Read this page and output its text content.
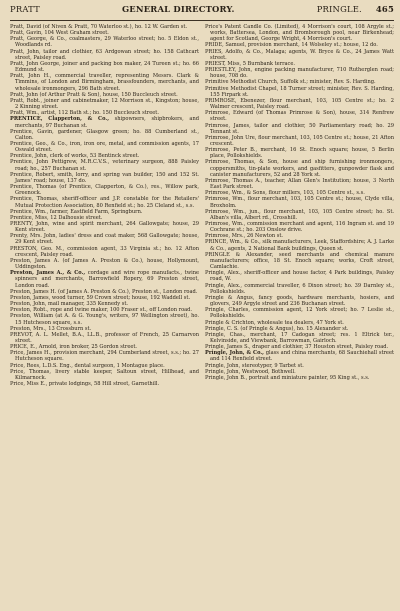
PRATT	GENERAL DIRECTORY.	PRINGLE. 465

Pratt, David (of Niven & Pratt, 70 Waterloo st.), ho. 12 W. Garden st.

Pratt, Gavin, 104 West Graham street.

Pratt, George, & Co., coalmasters, 29 Waterloo street; ho. 5 Eldon st., Woodlands rd.

Pratt, John, tailor and clothier, 63 Ardgowan street; ho. 158 Cathcart street, Paisley road.

Pratt, John George, joiner and packing box maker, 24 Tureen st.; ho. 66 Edmund st.

Pratt, John H., commercial traveller, representing Messrs. Clark & Timmins, of London and Birmingham, brassfounders, merchants, and wholesale ironmongers, 296 Bath street.

Pratt, John (of Arthur Pratt & Son), house, 150 Buccleuch street.

Pratt, Robt., joiner and cabinetmaker, 12 Morrison st., Kingston; house, 2 Kinning street.

Pratt, Wm., artist, 112 Bath st.; ho. 150 Buccleuch street.

PRENTICE, Clapperton, & Co., shipowners, shipbrokers, and merchants, 97 Buchanan st.

Prentice, Gavin, gardener, Glasgow green; ho. 88 Cumberland st., Calton.

Prentice, Geo., & Co., iron, iron ore, metal, and commission agents, 17 Oswald street.

Prentice, John, clerk of works, 53 Bentinck street.

Prentice, John Pettigrew, M.R.C.V.S., veterinary surgeon, 888 Paisley road; ho., 257 Buchanan st.

Prentice, Robert, smith, lorry, and spring van builder, 150 and 152 St. James' road; house, 137 do.

Prentice, Thomas (of Prentice, Clapperton, & Co.), res., Willow park, Greenock.

Prentice, Thomas, sheriff-officer and J.P. constable for the Retailers' Mutual Protection Association, 80 Renfield st.; ho. 25 Cleland st., s.s.

Prentice, Wm., farmer, Eastfield Farm, Springburn.

Prentice, Miss, 12 Dalhousie street.

PRENTY, John, wine and spirit merchant, 264 Gallowgate; house, 29 Kent street.

Prenty, Mrs. John, ladies' dress and coat maker, 568 Gallowgate; house, 29 Kent street.

PRESTON, Geo. M., commission agent, 33 Virginia st.; ho. 12 Afton crescent, Paisley road.

Preston, James A. (of James A. Preston & Co.), house, Hollymount, Uddingston.

Preston, James A., & Co., cordage and wire rope manufacts., twine spinners and merchants, Barrowfield Ropery, 69 Preston street, London road.

Preston, James H. (of James A. Preston & Co.), Preston st., London road.

Preston, James, wood turner, 59 Crown street; house, 192 Waddell st.

Preston, John, mail manager, 335 Kennedy st.

Preston, Robt., rope and twine maker, 100 Fraser st., off London road.

Preston, William (at A. & G. Young's, writers, 97 Wellington street), ho. 15 Hutcheson square, s.s.

Preston, Mrs., 13 Crossburn st.

PREVOT, A. L. Mellet, B.A., LL.B., professor of French, 25 Carnarvon street.

PRICE, E., Arnold, iron broker, 25 Gordon street.

Price, James H., provision merchant, 294 Cumberland street, s.s.; ho. 27 Hutcheson square.

Price, Rees, L.D.S. Eng., dental surgeon, 1 Montague place.

Price, Thomas, livery stable keeper, Saltoun street, Hillhead, and Kilmarnock.

Price, Miss E., private lodgings, 58 Hill street, Garnethill.

Price's Patent Candle Co. (Limited), 4 Morrison's court, 108 Argyle st.; works, Battersea, London, and Bromborough pool, near Birkenhead; agent for Scotland, George Wright, 4 Morrison's court.

PRIDE, Samuel, provision merchant, 14 Wolseley st.; house, 12 do.

PRIES, Adolfo, & Co., Malaga; agents, W. Bryce & Co., 24 James Watt street.

PRIEST, Miss, 5 Burnbank terrace.

PRIESTLEY, John, engine packing manufacturer, 710 Rutherglen road; house, 708 do.

Primitive Methodist Church, Suffolk st.; minister, Rev. S. Harding.

Primitive Methodist Chapel, 18 Turner street; minister, Rev. S. Harding, 155 Firpark st.

PRIMROSE, Ebenezer, flour merchant, 103, 105 Centre st.; ho. 2 Walmer crescent, Paisley road.

Primrose, Edward (of Thomas Primrose & Son), house, 314 Renfrew street.

Primrose, James, tailor and clothier, 50 Parliamentary road; ho. 29 Tennant st.

Primrose, John Ure, flour merchant, 103, 105 Centre st.; house, 21 Afton crescent.

Primrose, Peter B., merchant, 16 St. Enoch square; house, 5 Berlin place, Pollokshields.

Primrose, Thomas, & Son, house and ship furnishing ironmongers, coppersmiths, tin-plate workers, and gasfitters, gunpowder flask and canister manufacturers, 52 and 28 York st.

Primrose, Thomas A., teacher, Allan Glen's Institution; house, 3 North East Park street.

Primrose, Wm., & Sons, flour millers, 103, 105 Centre st., s.s.

Primrose, Wm., flour merchant, 103, 105 Centre st.; house, Clyde villa, Broxholm.

Primrose, Wm., jun., flour merchant, 103, 105 Centre street; ho. St. Alban's villa, Albert rd., Crosshill.

Primrose, Wm., commission merchant and agent, 116 Ingram st. and 19 Cochrane st.; ho. 203 Onslow drive.

Primrose, Mrs., 26 Newton st.

PRINCE, Wm., & Co., silk manufacturers, Leek, Staffordshire; A. J. Larke & Co., agents, 2 National Bank buildings, Queen st.

PRINGLE & Alexander, seed merchants and chemical manure manufacturers; office, 18 St. Enoch square; works, Croft street, Camlachie.

Pringle, Alex., sheriff-officer and house factor, 4 Park buildings, Paisley road, W.

Pringle, Alex., commercial traveller, 6 Dixon street; ho. 39 Darnley st., Pollokshields.

Pringle & Angus, fancy goods, hardware merchants, hosiers, and glovers, 249 Argyle street and 236 Buchanan street.

Pringle, Charles, commission agent, 12 York street; ho. 7 Leslie st., Pollokshields.

Pringle & Crichton, wholesale tea dealers, 47 York st.

Pringle, C. S. (of Pringle & Angus), ho. 15 Alexander st.

Pringle, Chas., merchant, 17 Cadogan street; res. 1 Eltrick ter., Kelvinside, and Viewbank, Barrowman, Gairloch.

Pringle, James S., draper and clothier, 37 Houston street, Paisley road.

Pringle, John, & Co., glass and china merchants, 68 Sauchiehall street and 114 Renfield street.

Pringle, John, stereotyper, 9 Tarbet st.

Pringle, John, Westwood, Bothwell.

Pringle, John B., portrait and miniature painter, 95 King st., s.s.
